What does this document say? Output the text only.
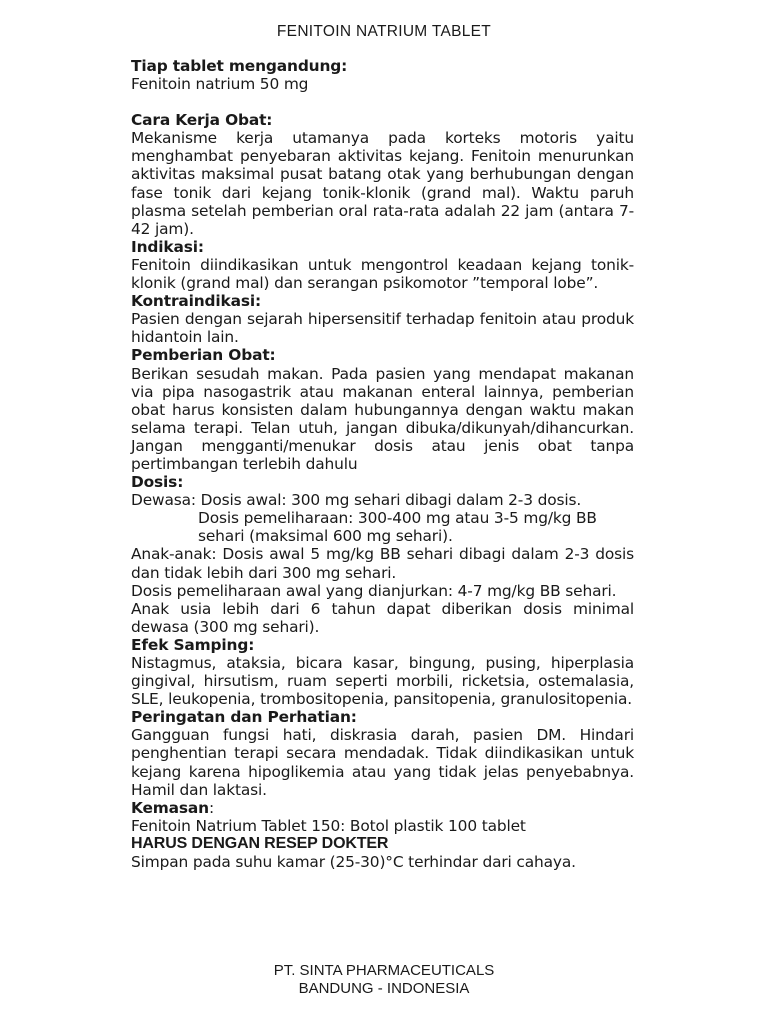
FENITOIN NATRIUM TABLET

Tiap tablet mengandung:

Fenitoin natrium 50 mg

Cara Kerja Obat:

Mekanisme kerja utamanya pada korteks motoris yaitu menghambat penyebaran aktivitas kejang. Fenitoin menurunkan aktivitas maksimal pusat batang otak yang berhubungan dengan fase tonik dari kejang tonik-klonik (grand mal). Waktu paruh plasma setelah pemberian oral rata-rata adalah 22 jam (antara 7-42 jam).

Indikasi:

Fenitoin diindikasikan untuk mengontrol keadaan kejang tonik-klonik (grand mal) dan serangan psikomotor ”temporal lobe”.

Kontraindikasi:

Pasien dengan sejarah hipersensitif terhadap fenitoin atau produk hidantoin lain.

Pemberian Obat:

Berikan sesudah makan. Pada pasien yang mendapat makanan via pipa nasogastrik atau makanan enteral lainnya, pemberian obat harus konsisten dalam hubungannya dengan waktu makan selama terapi. Telan utuh, jangan dibuka/dikunyah/dihancurkan. Jangan mengganti/menukar dosis atau jenis obat tanpa

pertimbangan terlebih dahulu

Dosis:

Dewasa: Dosis awal: 300 mg sehari dibagi dalam 2-3 dosis.

Dosis pemeliharaan: 300-400 mg atau 3-5 mg/kg BB sehari (maksimal 600 mg sehari).

Anak-anak: Dosis awal 5 mg/kg BB sehari dibagi dalam 2-3 dosis dan tidak lebih dari 300 mg sehari.

Dosis pemeliharaan awal yang dianjurkan: 4-7 mg/kg BB sehari.

Anak usia lebih dari 6 tahun dapat diberikan dosis minimal dewasa (300 mg sehari).

Efek Samping:

Nistagmus, ataksia, bicara kasar, bingung, pusing, hiperplasia gingival, hirsutism, ruam seperti morbili, ricketsia, ostemalasia, SLE, leukopenia, trombositopenia, pansitopenia, granulositopenia.

Peringatan dan Perhatian:

Gangguan fungsi hati, diskrasia darah, pasien DM. Hindari penghentian terapi secara mendadak. Tidak diindikasikan untuk kejang karena hipoglikemia atau yang tidak jelas penyebabnya. Hamil dan laktasi.

Kemasan:

Fenitoin Natrium Tablet 150: Botol plastik 100 tablet

HARUS DENGAN RESEP DOKTER

Simpan pada suhu kamar (25-30)°C terhindar dari cahaya.

PT. SINTA PHARMACEUTICALS
BANDUNG - INDONESIA
